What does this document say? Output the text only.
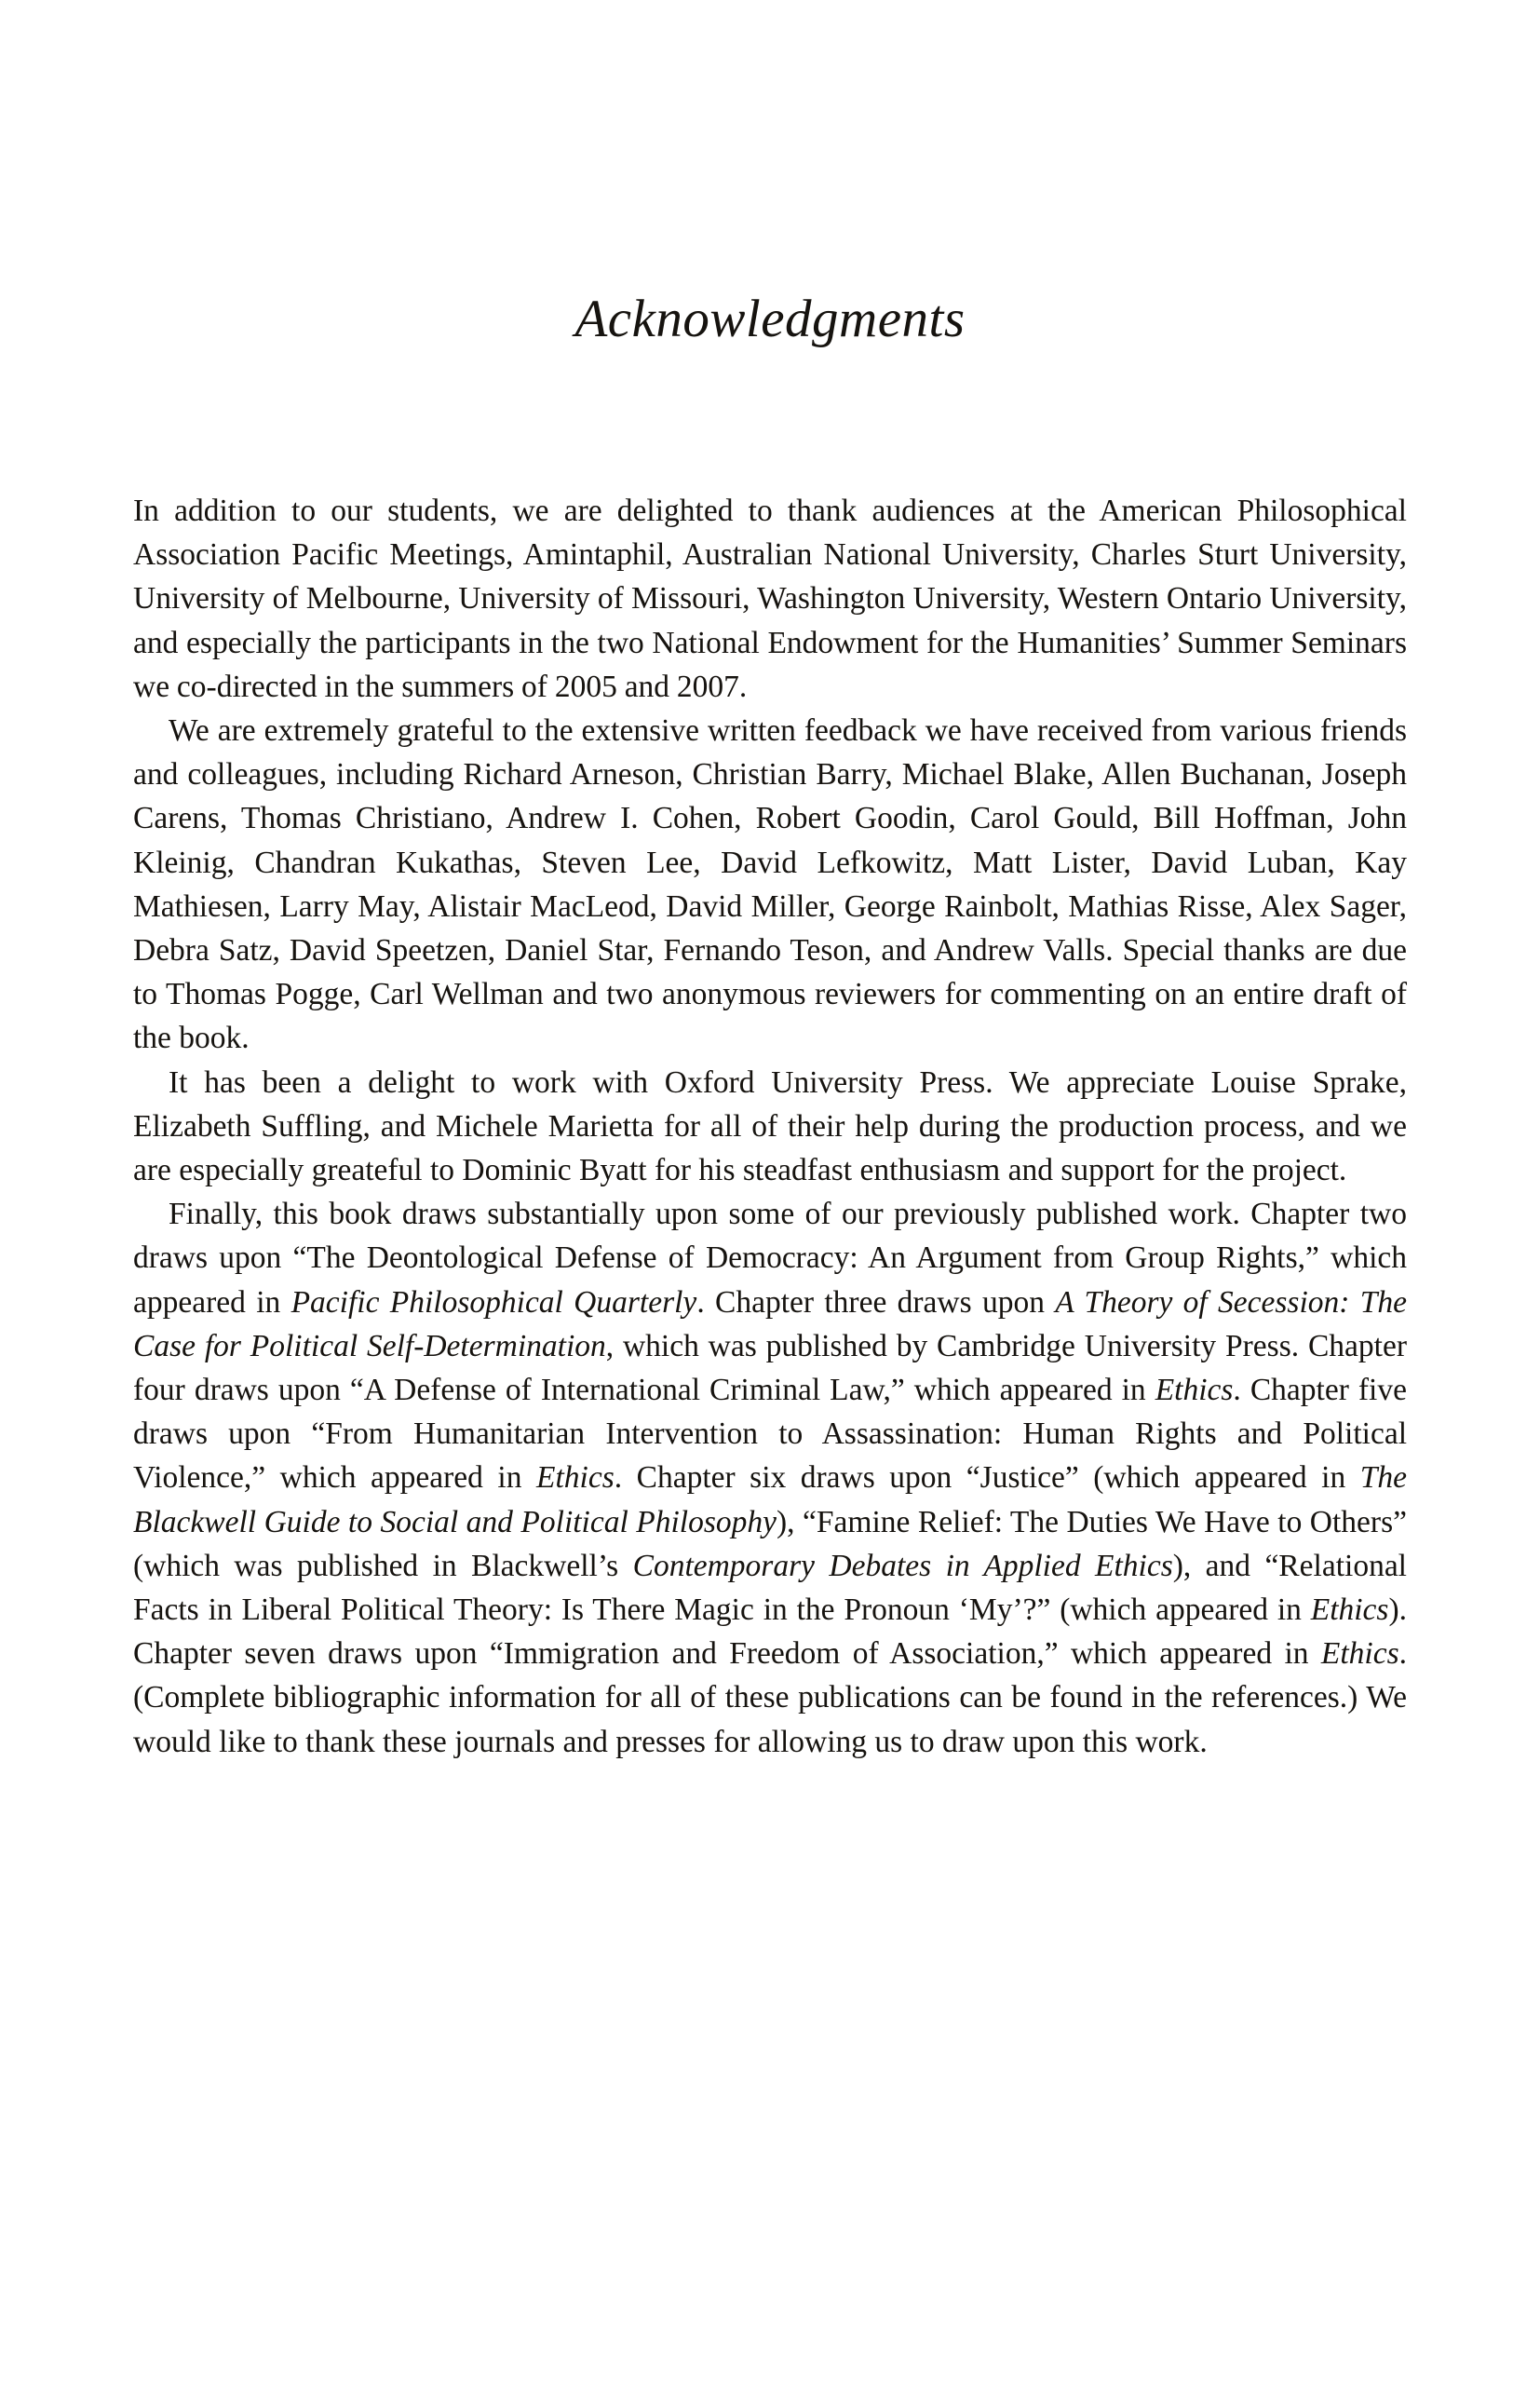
Acknowledgments

In addition to our students, we are delighted to thank audiences at the American Philosophical Association Pacific Meetings, Amintaphil, Australian National University, Charles Sturt University, University of Melbourne, University of Missouri, Washington University, Western Ontario University, and especially the participants in the two National Endowment for the Humanities’ Summer Seminars we co-directed in the summers of 2005 and 2007.

We are extremely grateful to the extensive written feedback we have received from various friends and colleagues, including Richard Arneson, Christian Barry, Michael Blake, Allen Buchanan, Joseph Carens, Thomas Christiano, Andrew I. Cohen, Robert Goodin, Carol Gould, Bill Hoffman, John Kleinig, Chandran Kukathas, Steven Lee, David Lefkowitz, Matt Lister, David Luban, Kay Mathiesen, Larry May, Alistair MacLeod, David Miller, George Rainbolt, Mathias Risse, Alex Sager, Debra Satz, David Speetzen, Daniel Star, Fernando Teson, and Andrew Valls. Special thanks are due to Thomas Pogge, Carl Wellman and two anonymous reviewers for commenting on an entire draft of the book.

It has been a delight to work with Oxford University Press. We appreciate Louise Sprake, Elizabeth Suffling, and Michele Marietta for all of their help during the production process, and we are especially greateful to Dominic Byatt for his steadfast enthusiasm and support for the project.

Finally, this book draws substantially upon some of our previously published work. Chapter two draws upon “The Deontological Defense of Democracy: An Argument from Group Rights,” which appeared in Pacific Philosophical Quarterly. Chapter three draws upon A Theory of Secession: The Case for Political Self-Determination, which was published by Cambridge University Press. Chapter four draws upon “A Defense of International Criminal Law,” which appeared in Ethics. Chapter five draws upon “From Humanitarian Intervention to Assassination: Human Rights and Political Violence,” which appeared in Ethics. Chapter six draws upon “Justice” (which appeared in The Blackwell Guide to Social and Political Philosophy), “Famine Relief: The Duties We Have to Others” (which was published in Blackwell’s Contemporary Debates in Applied Ethics), and “Relational Facts in Liberal Political Theory: Is There Magic in the Pronoun ‘My’?” (which appeared in Ethics). Chapter seven draws upon “Immigration and Freedom of Association,” which appeared in Ethics. (Complete bibliographic information for all of these publications can be found in the references.) We would like to thank these journals and presses for allowing us to draw upon this work.
